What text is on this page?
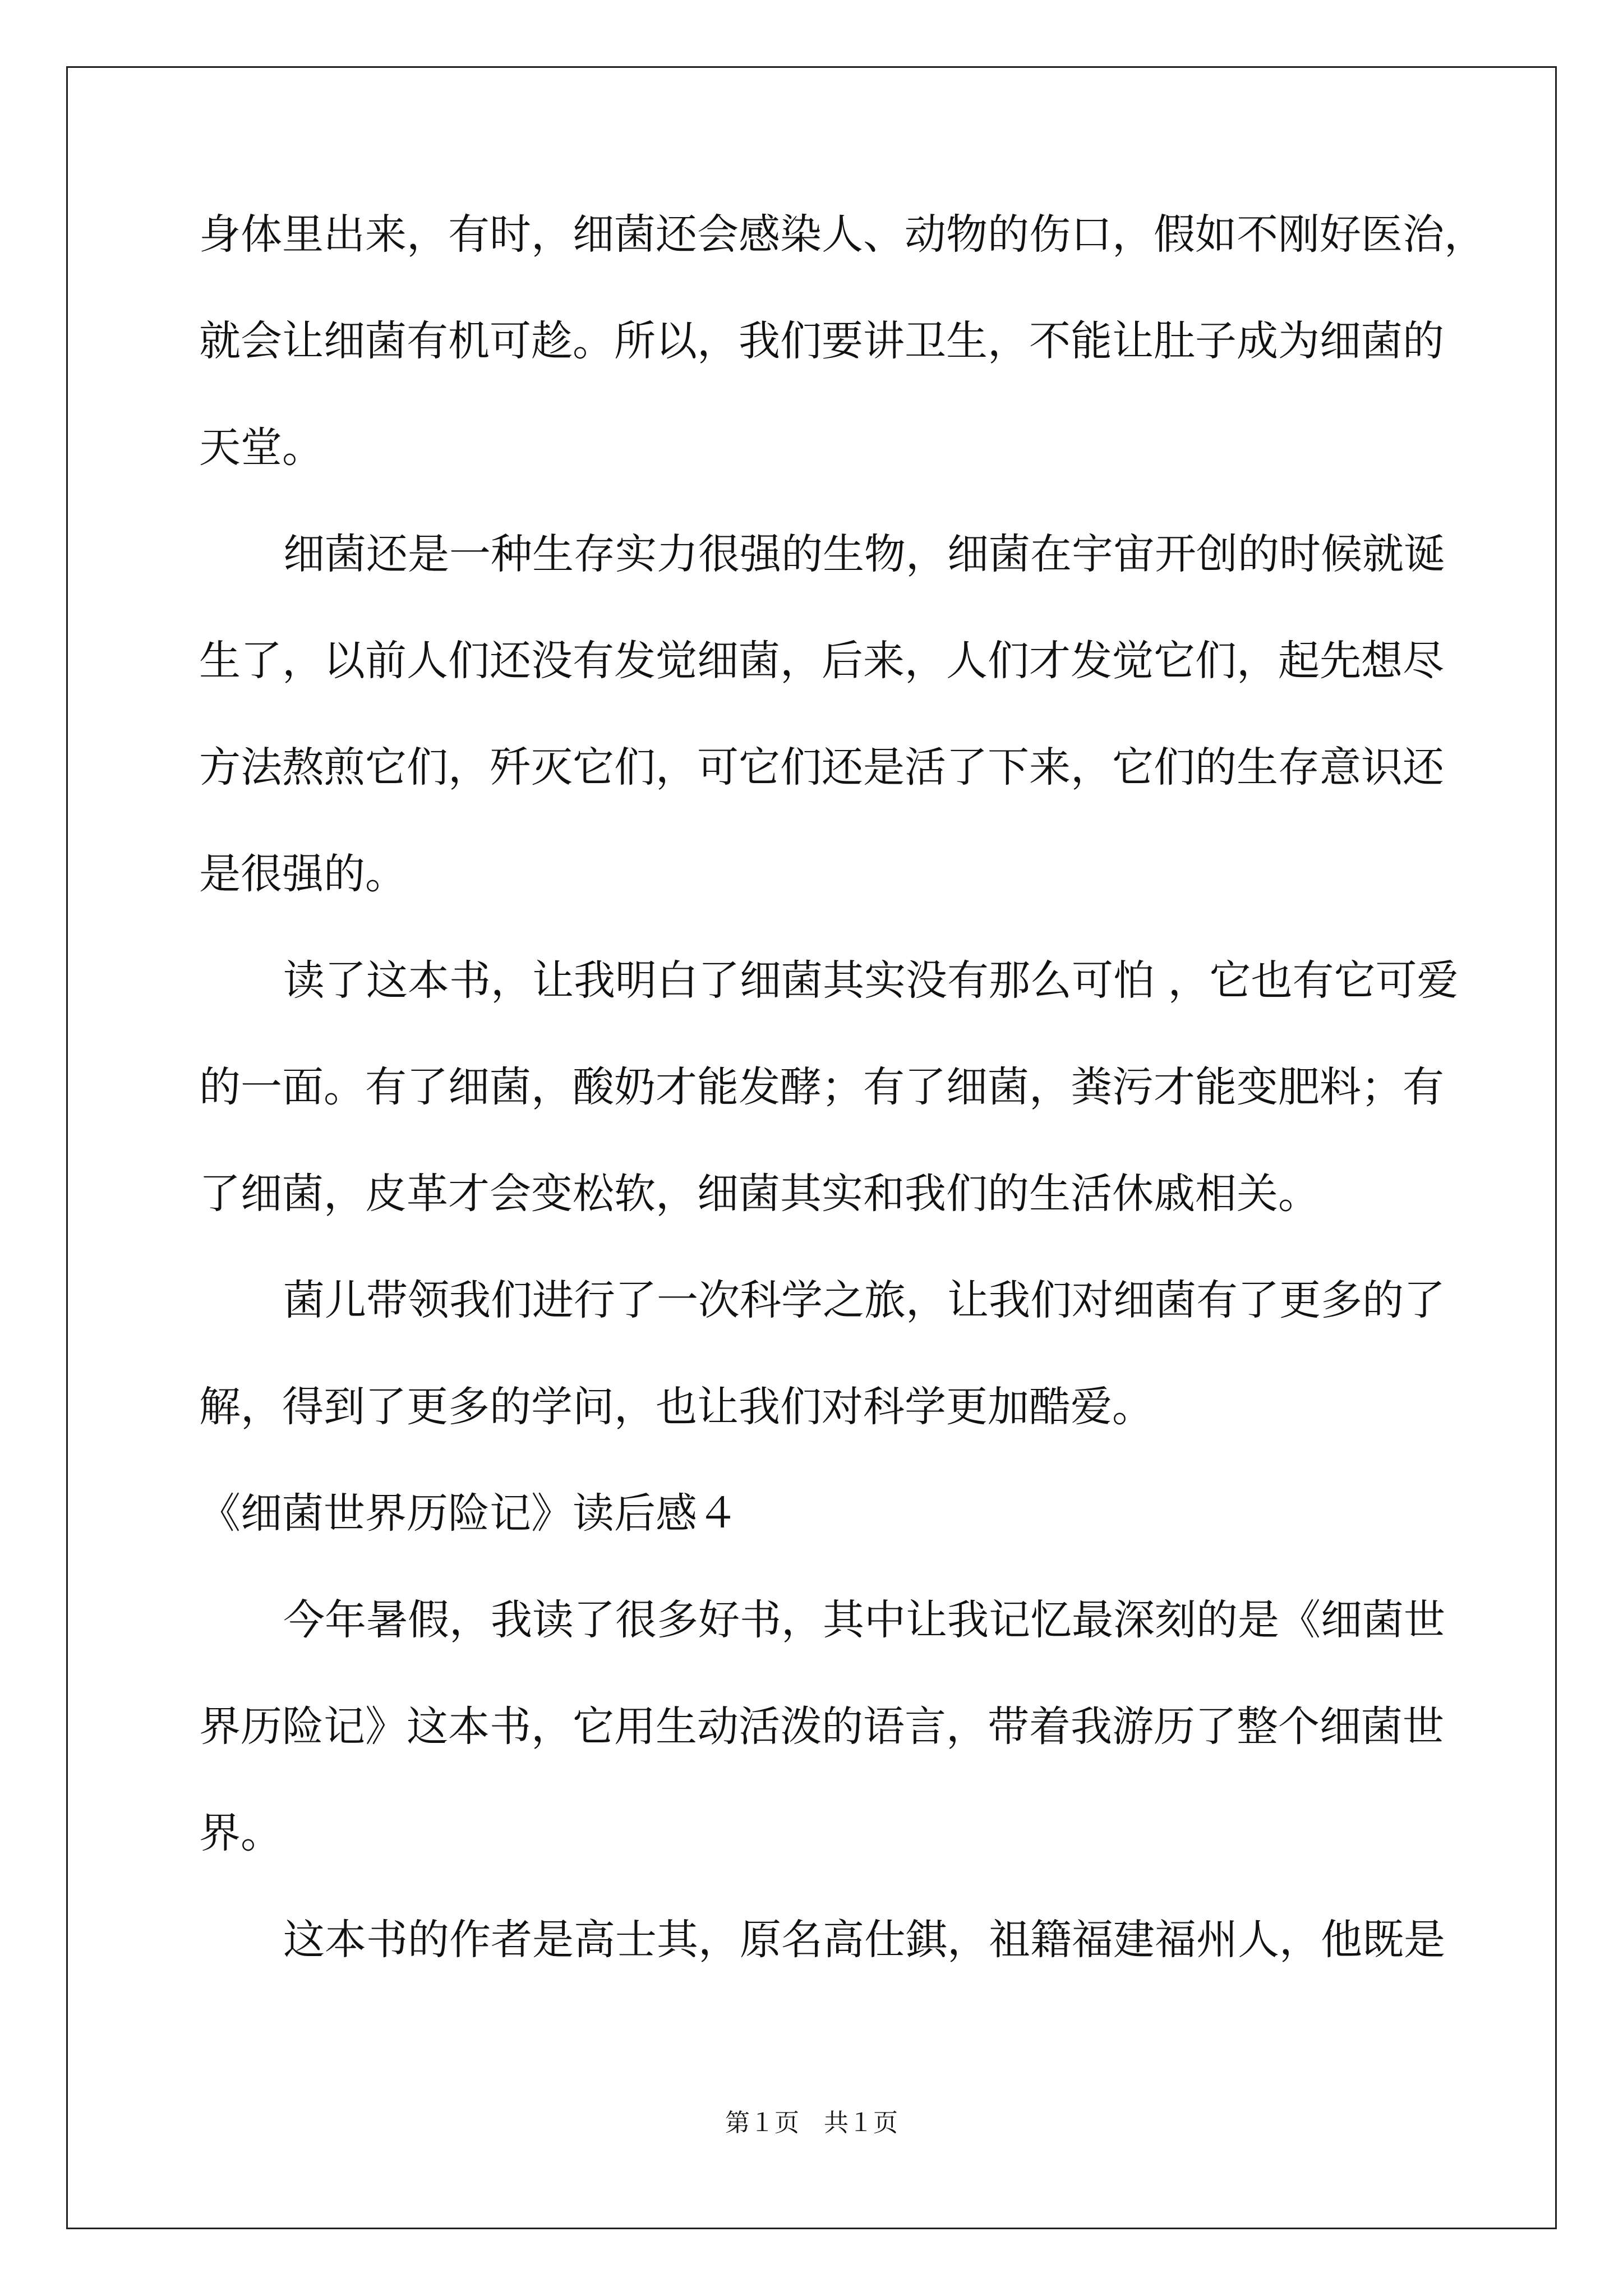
身体里出来，有时，细菌还会感染人、动物的伤口，假如不刚好医治，
就会让细菌有机可趁。所以，我们要讲卫生，不能让肚子成为细菌的
天堂。
细菌还是一种生存实力很强的生物，细菌在宇宙开创的时候就诞
生了，以前人们还没有发觉细菌，后来，人们才发觉它们，起先想尽
方法熬煎它们，歼灭它们，可它们还是活了下来，它们的生存意识还
是很强的。
读了这本书，让我明白了细菌其实没有那么可怕 ，它也有它可爱
的一面。有了细菌，酸奶才能发酵；有了细菌，粪污才能变肥料；有
了细菌，皮革才会变松软，细菌其实和我们的生活休戚相关。
菌儿带领我们进行了一次科学之旅，让我们对细菌有了更多的了
解，得到了更多的学问，也让我们对科学更加酷爱。
《细菌世界历险记》读后感４
今年暑假，我读了很多好书，其中让我记忆最深刻的是《细菌世
界历险记》这本书，它用生动活泼的语言，带着我游历了整个细菌世
界。
这本书的作者是高士其，原名高仕錤，祖籍福建福州人，他既是
第１页　共１页
